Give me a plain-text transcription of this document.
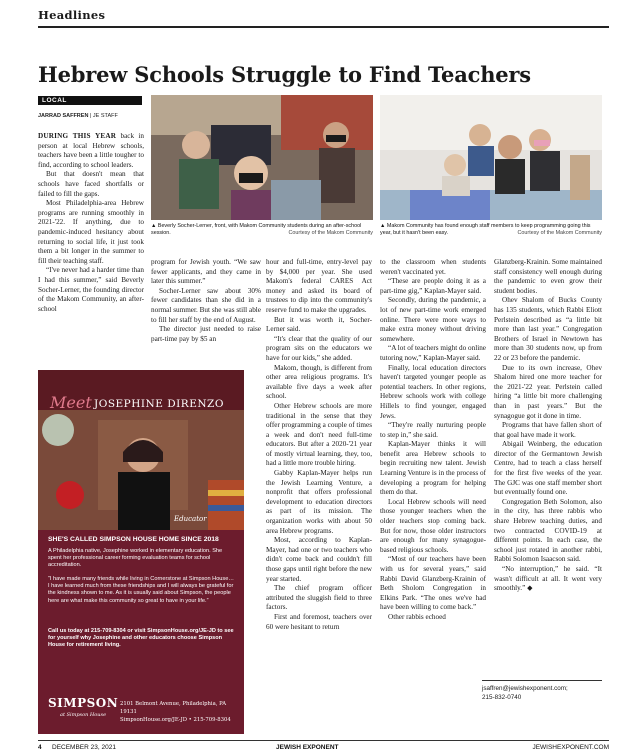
Headlines
Hebrew Schools Struggle to Find Teachers
LOCAL
JARRAD SAFFREN | JE STAFF

DURING THIS YEAR back in person at local Hebrew schools, teachers have been a little tougher to find, according to school leaders.

But that doesn't mean that schools have faced shortfalls or failed to fill the gaps.

Most Philadelphia-area Hebrew programs are running smoothly in 2021-'22. If anything, due to pandemic-induced hesitancy about returning to social life, it just took them a bit longer in the summer to fill their teaching staff.

“I've never had a harder time than I had this summer,” said Beverly Socher-Lerner, the founding director of the Makom Community, an after-school

▲ Beverly Socher-Lerner, front, with Makom Community students during an after-school session.	Courtesy of the Makom Community
▲ Makom Community has found enough staff members to keep programming going this year, but it hasn't been easy.	Courtesy of the Makom Community

program for Jewish youth. “We saw fewer applicants, and they came in later this summer.”

Socher-Lerner saw about 30% fewer candidates than she did in a normal summer. But she was still able to fill her staff by the end of August.

The director just needed to raise part-time pay by $5 an

hour and full-time, entry-level pay by $4,000 per year. She used Makom's federal CARES Act money and asked its board of trustees to dip into the community's reserve fund to make the upgrades.

But it was worth it, Socher-Lerner said.

“It's clear that the quality of our program sits on the educators we have for our kids,” she added.

Makom, though, is different from other area religious programs. It's available five days a week after school.

Other Hebrew schools are more traditional in the sense that they offer programming a couple of times a week and don't need full-time educators. But after a 2020-'21 year of mostly virtual learning, they, too, had a little more trouble hiring.

Gabby Kaplan-Mayer helps run the Jewish Learning Venture, a nonprofit that offers professional development to education directors as part of its mission. The organization works with about 50 area Hebrew programs.

Most, according to Kaplan-Mayer, had one or two teachers who didn't come back and couldn't fill those gaps until right before the new year started.

The chief program officer attributed the sluggish field to three factors.

First and foremost, teachers over 60 were hesitant to return

to the classroom when students weren't vaccinated yet.

“These are people doing it as a part-time gig,” Kaplan-Mayer said.

Secondly, during the pandemic, a lot of new part-time work emerged online. There were more ways to make extra money without driving somewhere.

“A lot of teachers might do online tutoring now,” Kaplan-Mayer said.

Finally, local education directors haven't targeted younger people as potential teachers. In other regions, Hebrew schools work with college Hillels to find younger, engaged Jews.

“They're really nurturing people to step in,” she said.

Kaplan-Mayer thinks it will benefit area Hebrew schools to begin recruiting new talent. Jewish Learning Venture is in the process of developing a program for helping them do that.

Local Hebrew schools will need those younger teachers when the older teachers stop coming back. But for now, those older instructors are enough for many synagogue-based religious schools.

“Most of our teachers have been with us for several years,” said Rabbi David Glanzberg-Krainin of Beth Sholom Congregation in Elkins Park. “The ones we've had have been willing to come back.”

Other rabbis echoed

Glanzberg-Krainin. Some maintained staff consistency well enough during the pandemic to even grow their student bodies.

Ohev Shalom of Bucks County has 135 students, which Rabbi Eliott Perlstein described as “a little bit more than last year.” Congregation Brothers of Israel in Newtown has more than 30 students now, up from 22 or 23 before the pandemic.

Due to its own increase, Ohev Shalom hired one more teacher for the 2021-'22 year. Perlstein called hiring “a little bit more challenging than in past years.” But the synagogue got it done in time.

Programs that have fallen short of that goal have made it work.

Abigail Weinberg, the education director of the Germantown Jewish Centre, had to teach a class herself for the first five weeks of the year. The GJC was one staff member short but eventually found one.

Congregation Beth Solomon, also in the city, has three rabbis who share Hebrew teaching duties, and two contracted COVID-19 at different points. In each case, the school just rotated in another rabbi, Rabbi Solomon Isaacson said.

“No interruption,” he said. “It wasn't difficult at all. It went very smoothly.” ◆

Meet JOSEPHINE DIRENZO
Educator
SHE'S CALLED SIMPSON HOUSE HOME SINCE 2018
A Philadelphia native, Josephine worked in elementary education. She spent her professional career forming evaluation teams for school accreditation.
“I have made many friends while living in Cornerstone at Simpson House… I have learned much from these friendships and I will always be grateful for the kindness shown to me. As it is usually said about Simpson, the people here are what make this community so great to have in your life.”
Call us today at 215-709-8304 or visit SimpsonHouse.org/JE-JD to see for yourself why Josephine and other educators choose Simpson House for retirement living.
SIMPSON
at Simpson House
2101 Belmont Avenue, Philadelphia, PA 19131
SimpsonHouse.org/JE-JD • 215-709-8304
jsaffren@jewishexponent.com;
215-832-0740
4 DECEMBER 23, 2021	JEWISH EXPONENT	JEWISHEXPONENT.COM
